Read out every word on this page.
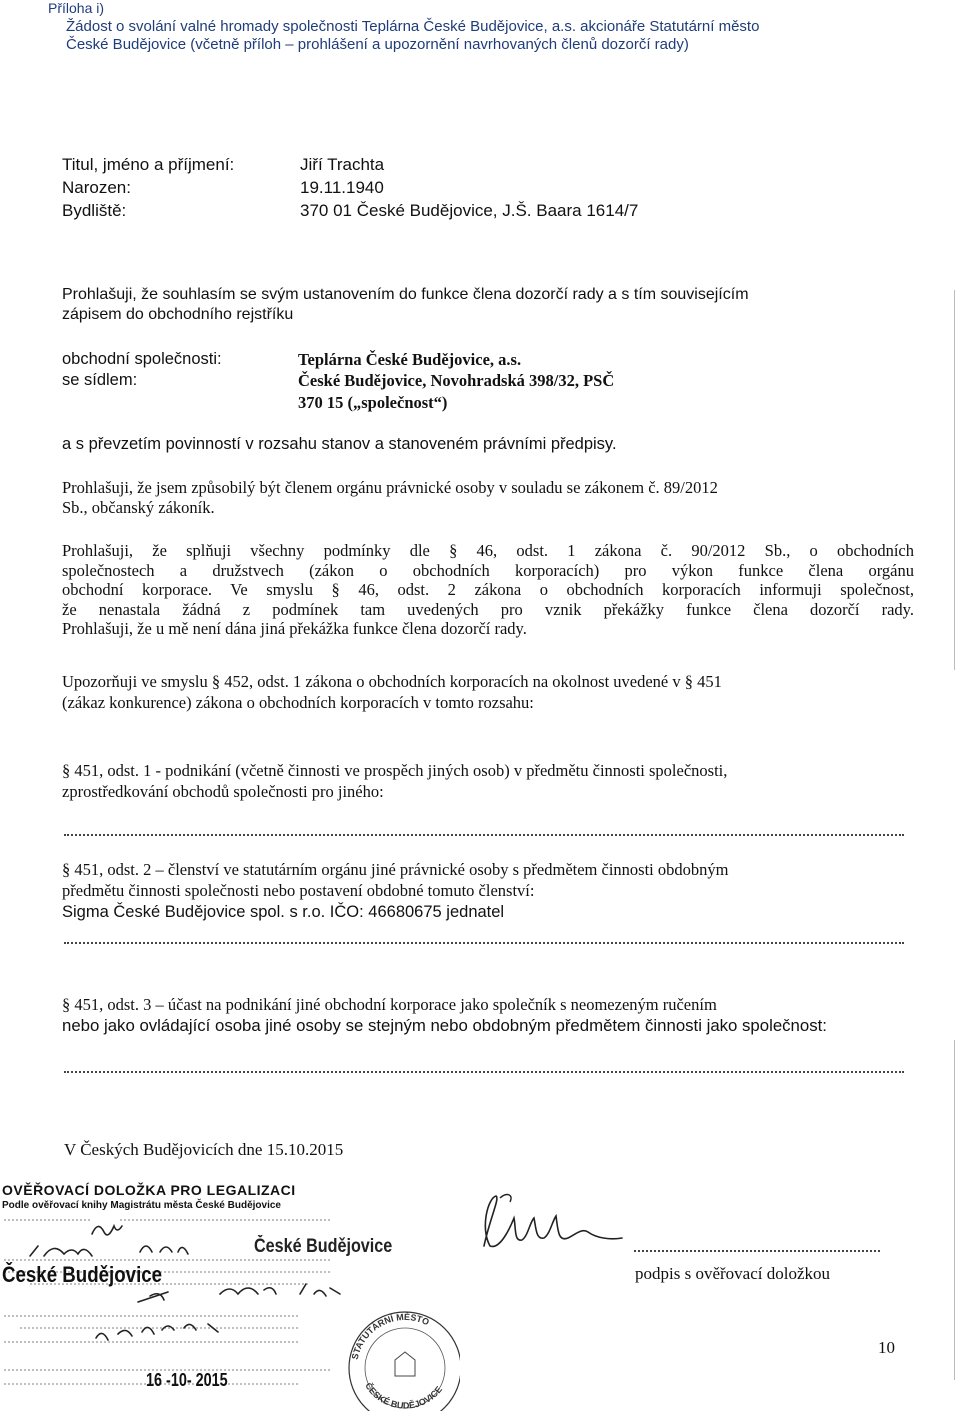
Příloha i)
Žádost o svolání valné hromady společnosti Teplárna České Budějovice, a.s. akcionáře Statutární město
České Budějovice (včetně příloh – prohlášení a upozornění navrhovaných členů dozorčí rady)
Titul, jméno a příjmení:	Jiří Trachta
Narozen:	19.11.1940
Bydliště:	370 01 České Budějovice, J.Š. Baara 1614/7
Prohlašuji, že souhlasím se svým ustanovením do funkce člena dozorčí rady a s tím souvisejícím
zápisem do obchodního rejstříku
obchodní společnosti:	Teplárna České Budějovice, a.s.
se sídlem:	České Budějovice, Novohradská 398/32, PSČ
370 15 („společnost“)
a s převzetím povinností v rozsahu stanov a stanoveném právními předpisy.
Prohlašuji, že jsem způsobilý být členem orgánu právnické osoby v souladu se zákonem č. 89/2012
Sb., občanský zákoník.
Prohlašuji, že splňuji všechny podmínky dle § 46, odst. 1 zákona č. 90/2012 Sb., o obchodních
společnostech a družstvech (zákon o obchodních korporacích) pro výkon funkce člena orgánu
obchodní korporace. Ve smyslu § 46, odst. 2 zákona o obchodních korporacích informuji společnost,
že nenastala žádná z podmínek tam uvedených pro vznik překážky funkce člena dozorčí rady.
Prohlašuji, že u mě není dána jiná překážka funkce člena dozorčí rady.
Upozorňuji ve smyslu § 452, odst. 1 zákona o obchodních korporacích na okolnost uvedené v § 451
(zákaz konkurence) zákona o obchodních korporacích v tomto rozsahu:
§ 451, odst. 1 - podnikání (včetně činnosti ve prospěch jiných osob) v předmětu činnosti společnosti,
zprostředkování obchodů společnosti pro jiného:
§ 451, odst. 2 – členství ve statutárním orgánu jiné právnické osoby s předmětem činnosti obdobným
předmětu činnosti společnosti nebo postavení obdobné tomuto členství:
Sigma České Budějovice spol. s r.o. IČO: 46680675 jednatel
§ 451, odst. 3 – účast na podnikání jiné obchodní korporace jako společník s neomezeným ručením
nebo jako ovládající osoba jiné osoby se stejným nebo obdobným předmětem činnosti jako společnost:
V Českých Budějovicích dne 15.10.2015
OVĚŘOVACÍ DOLOŽKA PRO LEGALIZACI
Podle ověřovací knihy Magistrátu města České Budějovice
České Budějovice
České Budějovice
16 -10- 2015
STATUTÁRNÍ MĚSTO
ČESKÉ BUDĚJOVICE
podpis s ověřovací doložkou
10
